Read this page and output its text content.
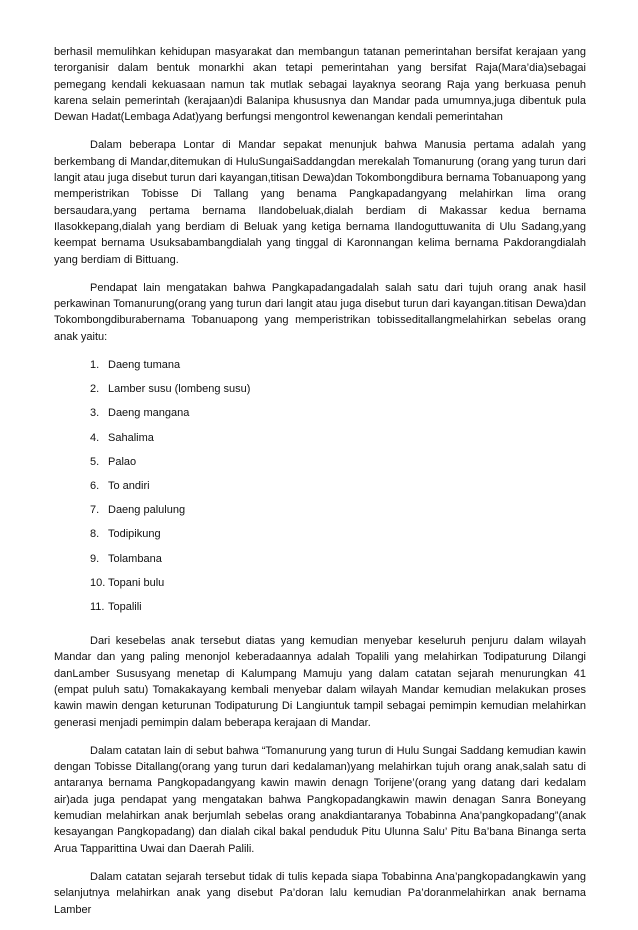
berhasil memulihkan kehidupan masyarakat dan membangun tatanan pemerintahan bersifat kerajaan yang terorganisir dalam bentuk monarkhi akan tetapi pemerintahan yang bersifat Raja(Mara’dia)sebagai pemegang kendali kekuasaan namun tak mutlak sebagai layaknya seorang Raja yang berkuasa penuh karena selain pemerintah (kerajaan)di Balanipa khususnya dan Mandar pada umumnya,juga dibentuk pula Dewan Hadat(Lembaga Adat)yang berfungsi mengontrol kewenangan kendali pemerintahan

Dalam beberapa Lontar di Mandar sepakat menunjuk bahwa Manusia pertama adalah yang berkembang di Mandar,ditemukan di HuluSungaiSaddangdan merekalah Tomanurung (orang yang turun dari langit atau juga disebut turun dari kayangan,titisan Dewa)dan Tokombongdibura bernama Tobanuapong yang memperistrikan Tobisse Di Tallang yang benama Pangkapadangyang melahirkan lima orang bersaudara,yang pertama bernama Ilandobeluak,dialah berdiam di Makassar kedua bernama Ilasokkepang,dialah yang berdiam di Beluak yang ketiga bernama Ilandoguttuwanita di Ulu Sadang,yang keempat bernama Usuksabambangdialah yang tinggal di Karonnangan kelima bernama Pakdorangdialah yang berdiam di Bittuang.

Pendapat lain mengatakan bahwa Pangkapadangadalah salah satu dari tujuh orang anak hasil perkawinan Tomanurung(orang yang turun dari langit atau juga disebut turun dari kayangan.titisan Dewa)dan Tokombongdiburabernama Tobanuapong yang memperistrikan tobisseditallangmelahirkan sebelas orang anak yaitu:

1. Daeng tumana
2. Lamber susu (lombeng susu)
3. Daeng mangana
4. Sahalima
5. Palao
6. To andiri
7. Daeng palulung
8. Todipikung
9. Tolambana
10. Topani bulu
11. Topalili

Dari kesebelas anak tersebut diatas yang kemudian menyebar keseluruh penjuru dalam wilayah Mandar dan yang paling menonjol keberadaannya adalah Topalili yang melahirkan Todipaturung Dilangi danLamber Sususyang menetap di Kalumpang Mamuju yang dalam catatan sejarah menurungkan 41 (empat puluh satu) Tomakakayang kembali menyebar dalam wilayah Mandar kemudian melakukan proses kawin mawin dengan keturunan Todipaturung Di Langiuntuk tampil sebagai pemimpin kemudian melahirkan generasi menjadi pemimpin dalam beberapa kerajaan di Mandar.

Dalam catatan lain di sebut bahwa “Tomanurung yang turun di Hulu Sungai Saddang kemudian kawin dengan Tobisse Ditallang(orang yang turun dari kedalaman)yang melahirkan tujuh orang anak,salah satu di antaranya bernama Pangkopadangyang kawin mawin denagn Torijene’(orang yang datang dari kedalam air)ada juga pendapat yang mengatakan bahwa Pangkopadangkawin mawin denagan Sanra Boneyang kemudian melahirkan anak berjumlah sebelas orang anakdiantaranya Tobabinna Ana’pangkopadang”(anak kesayangan Pangkopadang) dan dialah cikal bakal penduduk Pitu Ulunna Salu’ Pitu Ba’bana Binanga serta Arua Tapparittina Uwai dan Daerah Palili.

Dalam catatan sejarah tersebut tidak di tulis kepada siapa Tobabinna Ana’pangkopadangkawin yang selanjutnya melahirkan anak yang disebut Pa’doran lalu kemudian Pa’doranmelahirkan anak bernama Lamber
